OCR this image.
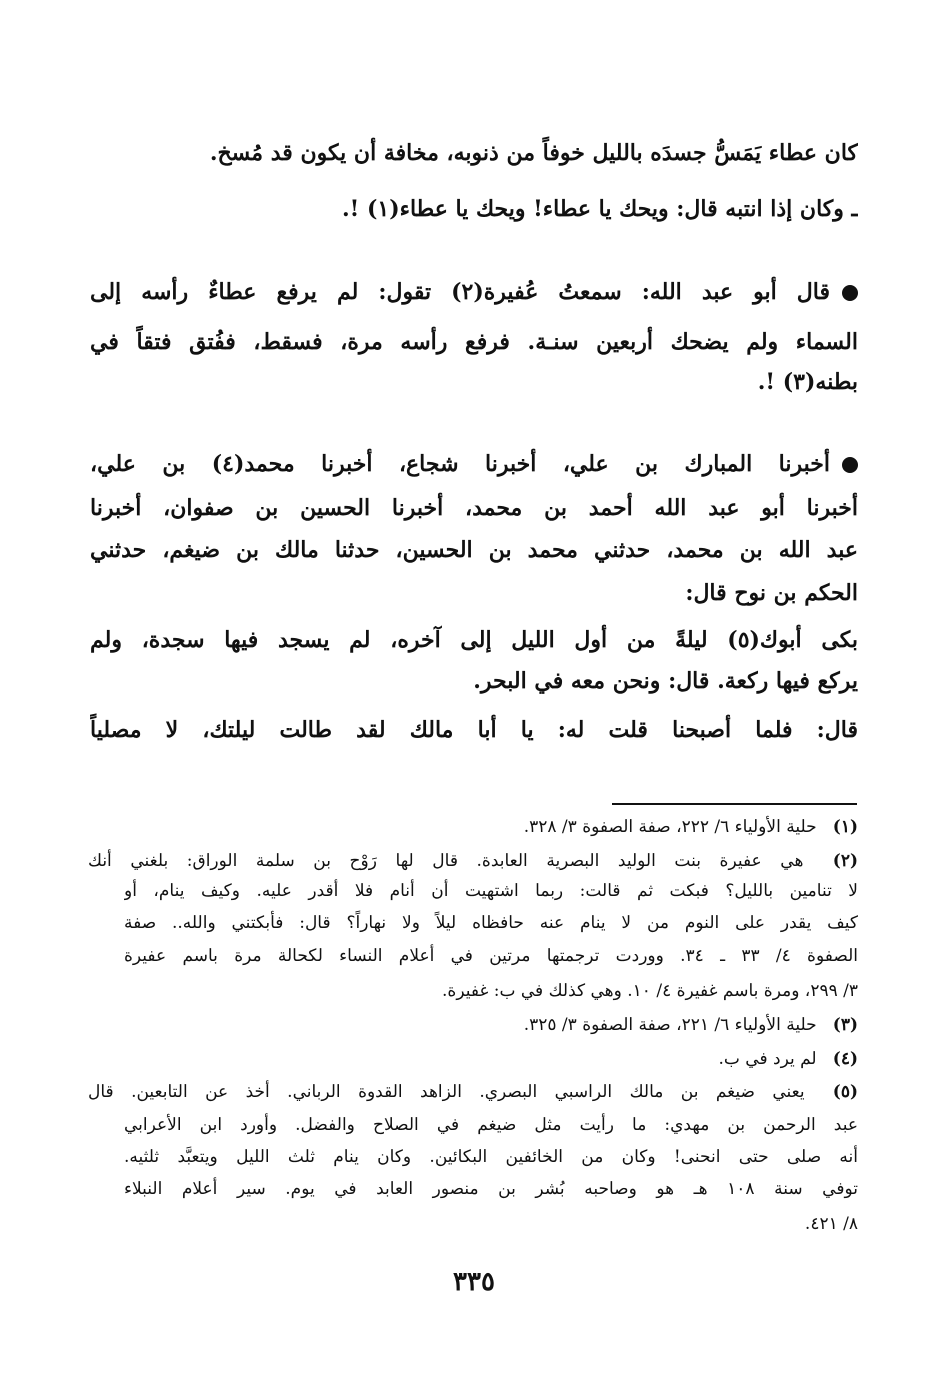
كان عطاء يَمَسُّ جسدَه بالليل خوفاً من ذنوبه، مخافة أن يكون قد مُسخ.
ـ وكان إذا انتبه قال: ويحك يا عطاء! ويحك يا عطاء(١) !.
قال أبو عبد الله: سمعتُ عُفيرة(٢) تقول: لم يرفع عطاءٌ رأسه إلى
السماء ولم يضحك أربعين سنـة. فرفع رأسه مرة، فسقط، ففُتق فتقاً في
بطنه(٣) !.
أخبرنا المبارك بن علي، أخبرنا شجاع، أخبرنا محمد(٤) بن علي،
أخبرنا أبو عبد الله أحمد بن محمد، أخبرنا الحسين بن صفوان، أخبرنا
عبد الله بن محمد، حدثني محمد بن الحسين، حدثنا مالك بن ضيغم، حدثني
الحكم بن نوح قال:
بكى أبوك(٥) ليلةً من أول الليل إلى آخره، لم يسجد فيها سجدة، ولم
يركع فيها ركعة. قال: ونحن معه في البحر.
قال: فلما أصبحنا قلت له: يا أبا مالك لقد طالت ليلتك، لا مصلياً
(١) حلية الأولياء ٦/ ٢٢٢، صفة الصفوة ٣/ ٣٢٨.
(٢) هي عفيرة بنت الوليد البصرية العابدة. قال لها رَوْح بن سلمة الوراق: بلغني أنك
لا تنامين بالليل؟ فبكت ثم قالت: ربما اشتهيت أن أنام فلا أقدر عليه. وكيف ينام، أو
كيف يقدر على النوم من لا ينام عنه حافظاه ليلاً ولا نهاراً؟ قال: فأبكتني والله.. صفة
الصفوة ٤/ ٣٣ ـ ٣٤. ووردت ترجمتها مرتين في أعلام النساء لكحالة مرة باسم عفيرة
٣/ ٢٩٩، ومرة باسم غفيرة ٤/ ١٠. وهي كذلك في ب: غفيرة.
(٣) حلية الأولياء ٦/ ٢٢١، صفة الصفوة ٣/ ٣٢٥.
(٤) لم يرد في ب.
(٥) يعني ضيغم بن مالك الراسبي البصري. الزاهد القدوة الرباني. أخذ عن التابعين. قال
عبد الرحمن بن مهدي: ما رأيت مثل ضيغم في الصلاح والفضل. وأورد ابن الأعرابي
أنه صلى حتى انحنى! وكان من الخائفين البكائين. وكان ينام ثلث الليل ويتعبَّد ثلثيه.
توفي سنة ١٠٨ هـ هو وصاحبه بُشر بن منصور العابد في يوم. سير أعلام النبلاء
٨/ ٤٢١.
٣٣٥
